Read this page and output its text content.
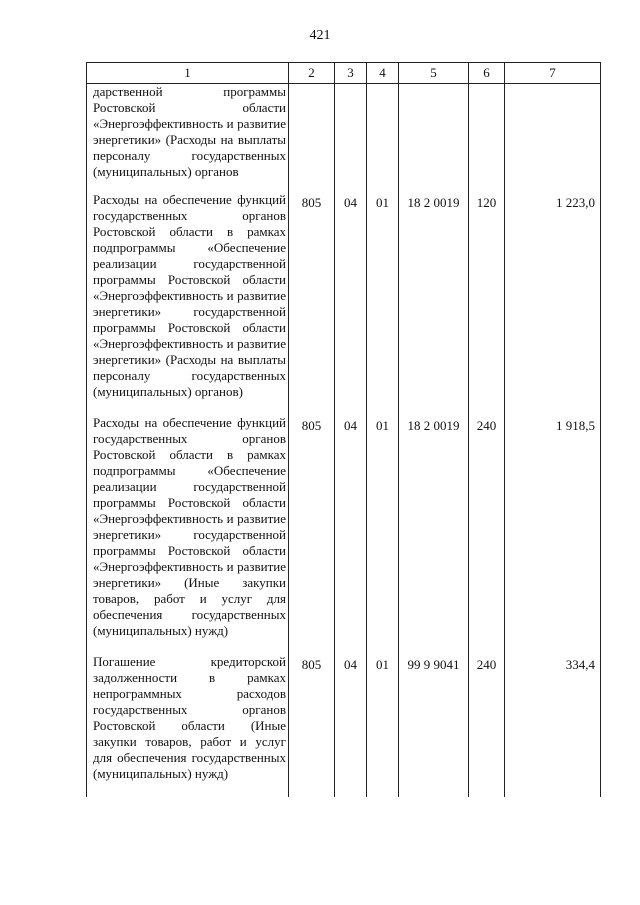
421
1	2	3	4	5	6	7
дарственной программы Ростовской области «Энергоэффективность и развитие энергетики» (Расходы на выплаты персоналу государственных (муниципальных) органов						
Расходы на обеспечение функций государственных органов Ростовской области в рамках подпрограммы «Обеспечение реализации государственной программы Ростовской области «Энергоэффективность и развитие энергетики» государственной программы Ростовской области «Энергоэффективность и развитие энергетики» (Расходы на выплаты персоналу государственных (муниципальных) органов)	805	04	01	18 2 0019	120	1 223,0
Расходы на обеспечение функций государственных органов Ростовской области в рамках подпрограммы «Обеспечение реализации государственной программы Ростовской области «Энергоэффективность и развитие энергетики» государственной программы Ростовской области «Энергоэффективность и развитие энергетики» (Иные закупки товаров, работ и услуг для обеспечения государственных (муниципальных) нужд)	805	04	01	18 2 0019	240	1 918,5
Погашение кредиторской задолженности в рамках непрограммных расходов государственных органов Ростовской области (Иные закупки товаров, работ и услуг для обеспечения государственных (муниципальных) нужд)	805	04	01	99 9 9041	240	334,4
